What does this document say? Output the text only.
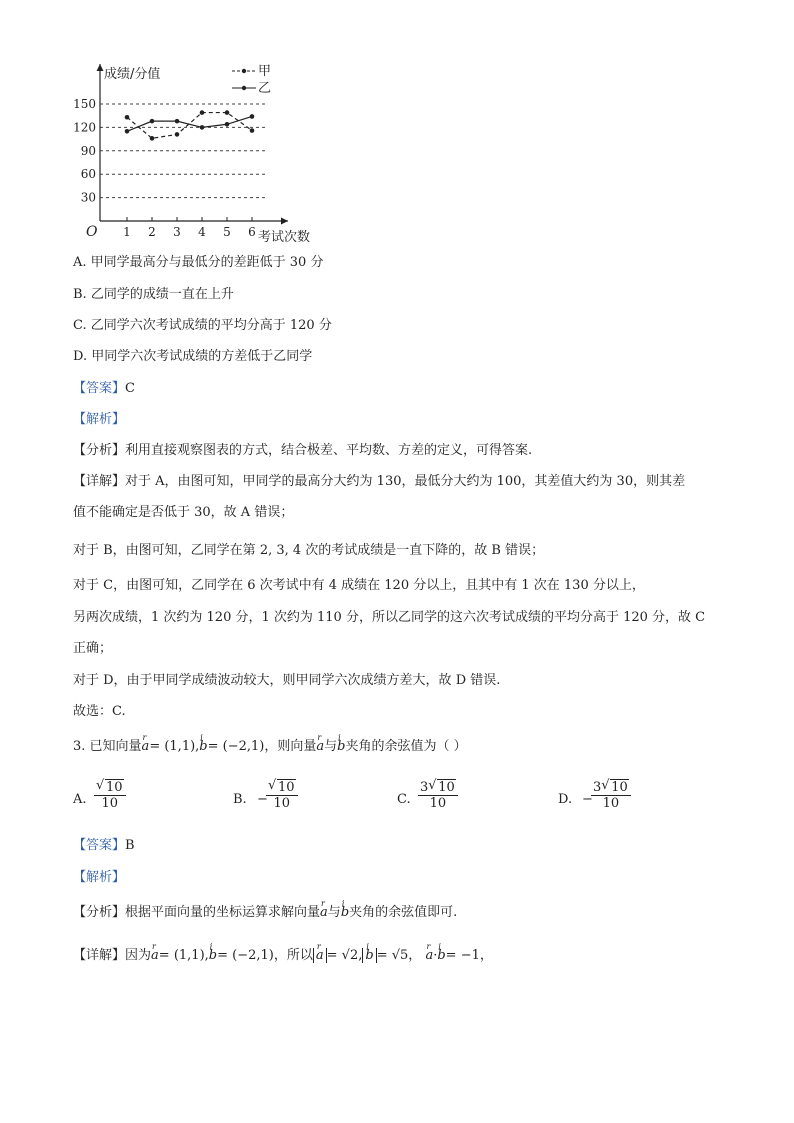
成绩/分值
考试次数
O
30
60
90
120
150
1 2 3 4 5 6
甲
乙
A. 甲同学最高分与最低分的差距低于 30 分
B. 乙同学的成绩一直在上升
C. 乙同学六次考试成绩的平均分高于 120 分
D. 甲同学六次考试成绩的方差低于乙同学
【答案】C
【解析】
【分析】利用直接观察图表的方式，结合极差、平均数、方差的定义，可得答案.
【详解】对于 A，由图可知，甲同学的最高分大约为 130，最低分大约为 100，其差值大约为 30，则其差
值不能确定是否低于 30，故 A 错误；
对于 B，由图可知，乙同学在第 2, 3, 4 次的考试成绩是一直下降的，故 B 错误；
对于 C，由图可知，乙同学在 6 次考试中有 4 成绩在 120 分以上，且其中有 1 次在 130 分以上，
另两次成绩，1 次约为 120 分，1 次约为 110 分，所以乙同学的这六次考试成绩的平均分高于 120 分，故 C
正确；
对于 D，由于甲同学成绩波动较大，则甲同学六次成绩方差大，故 D 错误.
故选：C.
3. 已知向量r a= (1,1),i b= (−2,1)，则向量r a与i b夹角的余弦值为（ ）
A. $\frac{√ 10}{10}$	B. −
$\frac{√ 10}{10}$	C. $\frac{3 √ 10}{10}$	D. −
$\frac{3 √ 10}{10}$
【答案】B
【解析】
【分析】根据平面向量的坐标运算求解向量r a与i b夹角的余弦值即可.
【详解】因为r a= (1,1),i b= (−2,1)，所以 r a = √2, i b = √5， r a·i b= −1，
